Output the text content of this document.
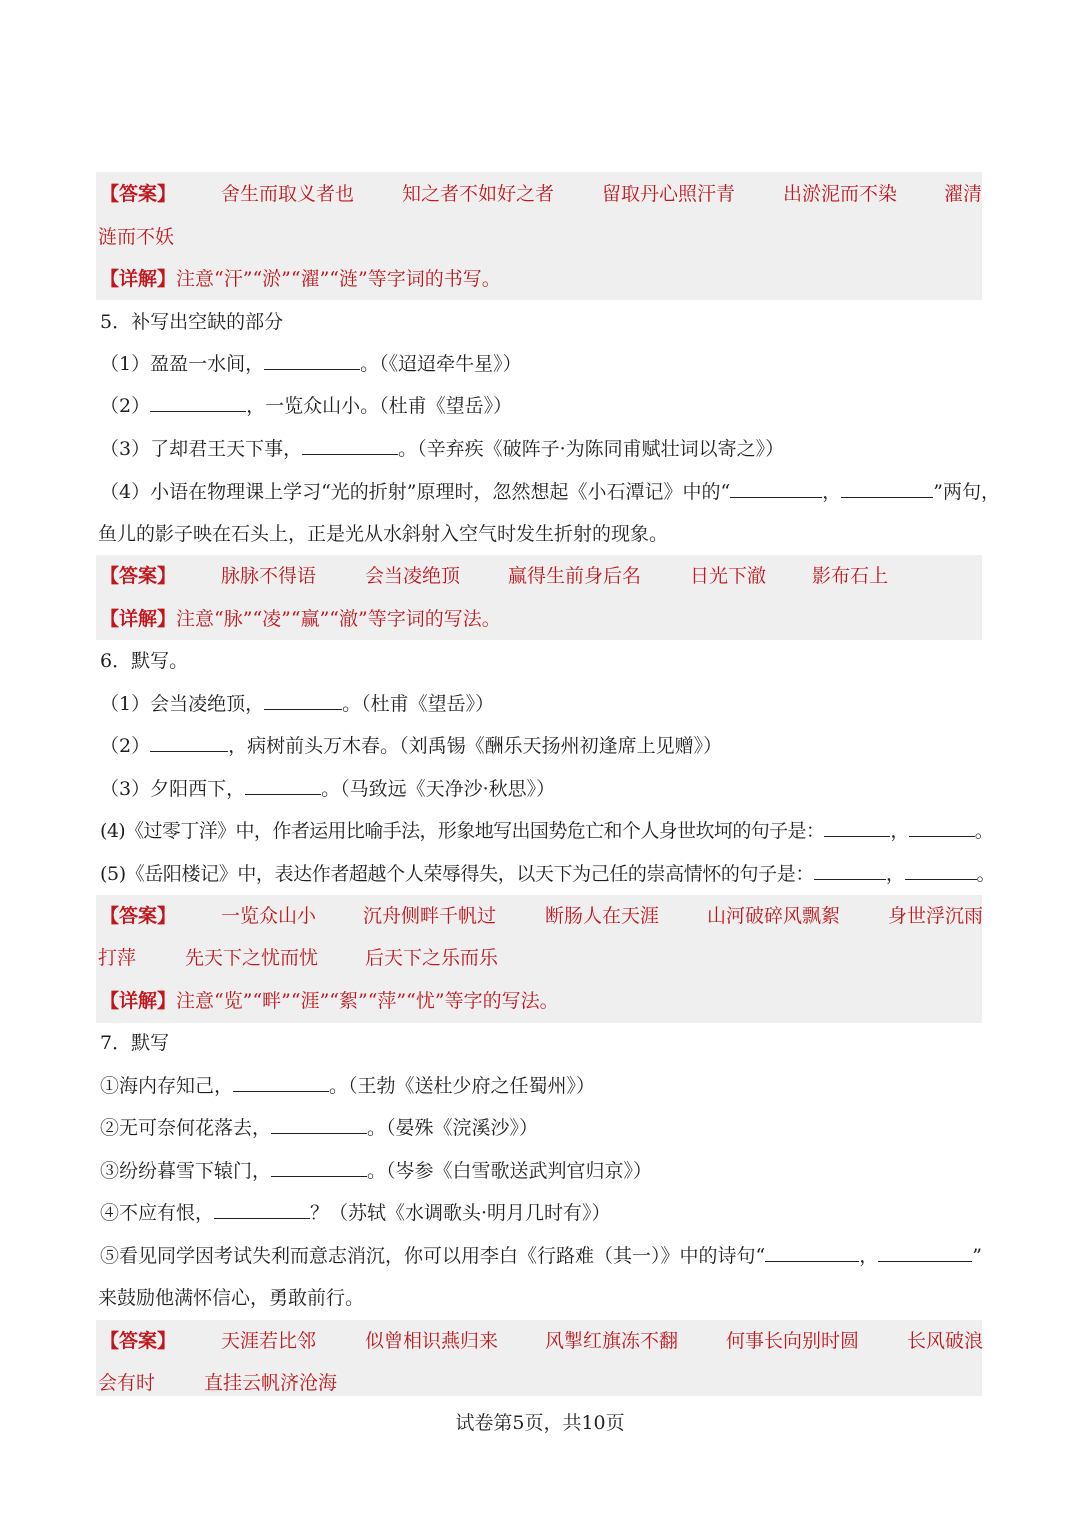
【答案】 舍生而取义者也	知之者不如好之者	留取丹心照汗青	出淤泥而不染 濯清
涟而不妖
【详解】注意“汗”“淤”“濯”“涟”等字词的书写。
5．补写出空缺的部分
（1）盈盈一水间，	。（《迢迢牵牛星》）
（2）	，一览众山小。（杜甫《望岳》）
（3）了却君王天下事，	。（辛弃疾《破阵子·为陈同甫赋壮词以寄之》）
（4）小语在物理课上学习“光的折射”原理时，忽然想起《小石潭记》中的“	，	”两句，
鱼儿的影子映在石头上，正是光从水斜射入空气时发生折射的现象。
【答案】 脉脉不得语	会当凌绝顶	赢得生前身后名	日光下澈 影布石上
【详解】注意“脉”“凌”“赢”“澈”等字词的写法。
6．默写。
（1）会当凌绝顶，	。（杜甫《望岳》）
（2）	，病树前头万木春。（刘禹锡《酬乐天扬州初逢席上见赠》）
（3）夕阳西下，	。（马致远《天净沙·秋思》）
(4)《过零丁洋》中，作者运用比喻手法，形象地写出国势危亡和个人身世坎坷的句子是：	，	。
(5)《岳阳楼记》中，表达作者超越个人荣辱得失，以天下为己任的崇高情怀的句子是：	，	。
【答案】 一览众山小 沉舟侧畔千帆过	断肠人在天涯	山河破碎风飘絮	身世浮沉雨
打萍	先天下之忧而忧 后天下之乐而乐
【详解】注意“览”“畔”“涯”“絮”“萍”“忧”等字的写法。
7．默写
①海内存知己，	。（王勃《送杜少府之任蜀州》）
②无可奈何花落去，	。（晏殊《浣溪沙》）
③纷纷暮雪下辕门，	。（岑参《白雪歌送武判官归京》）
④不应有恨，	？（苏轼《水调歌头·明月几时有》）
⑤看见同学因考试失利而意志消沉，你可以用李白《行路难（其一）》中的诗句“	，	”
来鼓励他满怀信心，勇敢前行。
【答案】 天涯若比邻	似曾相识燕归来 风掣红旗冻不翻	何事长向别时圆	长风破浪
会有时	直挂云帆济沧海
试卷第5页，共10页
